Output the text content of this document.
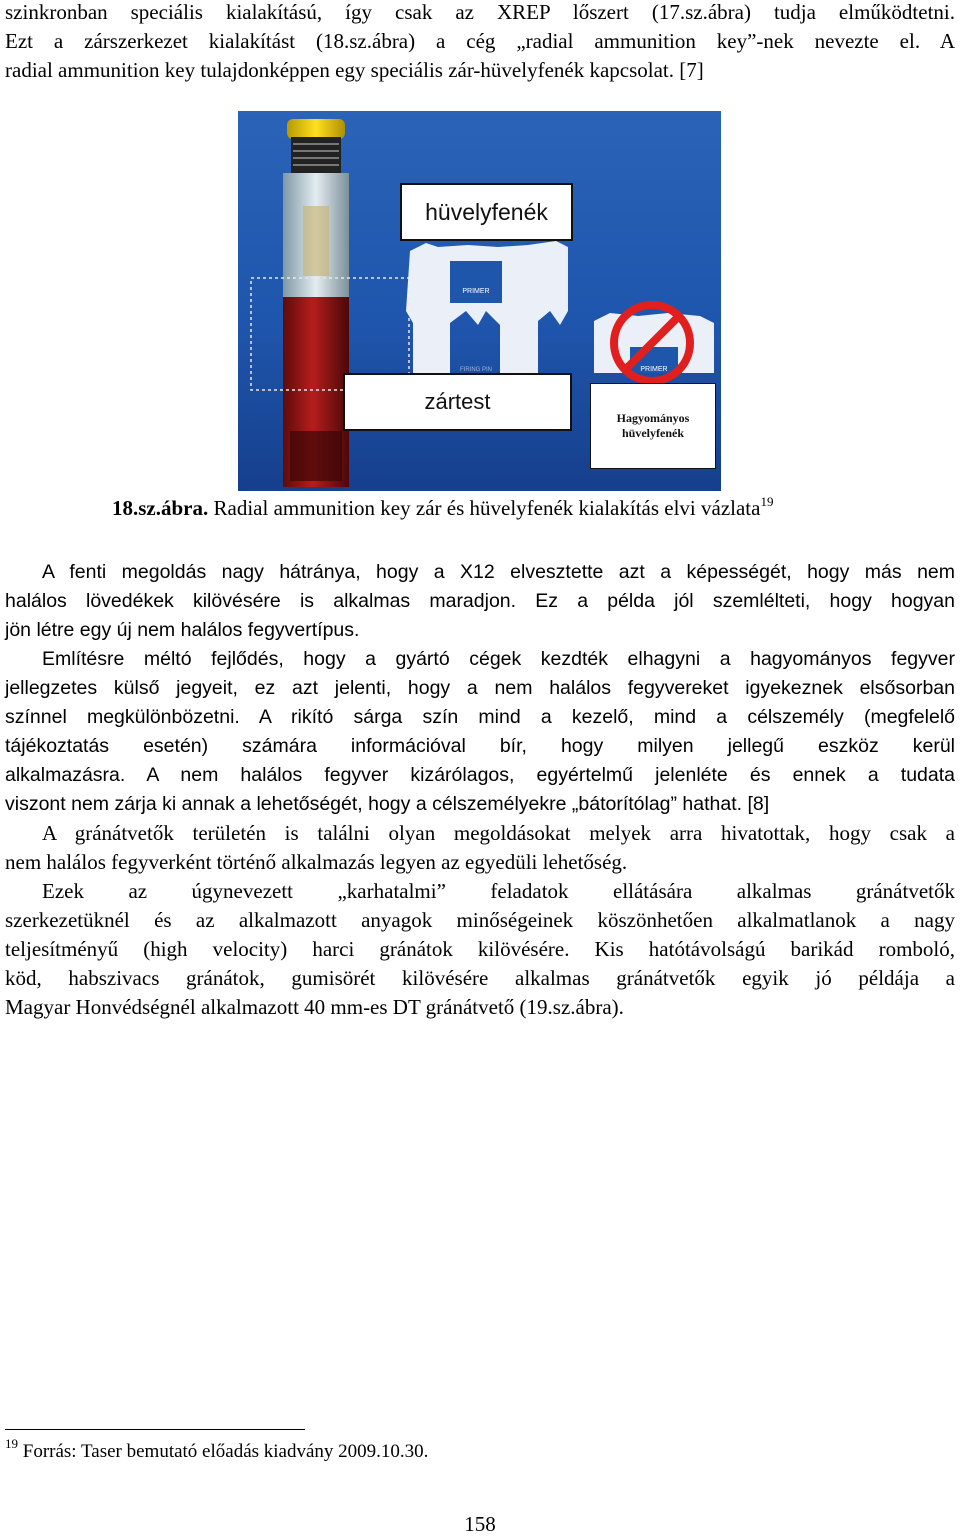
szinkronban speciális kialakítású, így csak az XREP lőszert (17.sz.ábra) tudja elműködtetni.
Ezt a zárszerkezet kialakítást (18.sz.ábra) a cég „radial ammunition key”-nek nevezte el. A
radial ammunition key tulajdonképpen egy speciális zár-hüvelyfenék kapcsolat. [7]
PRIMER
FIRING PIN	PRIMER
hüvelyfenék
zártest
Hagyományos
hüvelyfenék
18.sz.ábra. Radial ammunition key zár és hüvelyfenék kialakítás elvi vázlata$^{19}$
A fenti megoldás nagy hátránya, hogy a X12 elvesztette azt a képességét, hogy más nem
halálos lövedékek kilövésére is alkalmas maradjon. Ez a példa jól szemlélteti, hogy hogyan
jön létre egy új nem halálos fegyvertípus.
Említésre méltó fejlődés, hogy a gyártó cégek kezdték elhagyni a hagyományos fegyver
jellegzetes külső jegyeit, ez azt jelenti, hogy a nem halálos fegyvereket igyekeznek elsősorban
színnel megkülönbözetni. A rikító sárga szín mind a kezelő, mind a célszemély (megfelelő
tájékoztatás esetén) számára információval bír, hogy milyen jellegű eszköz kerül
alkalmazásra. A nem halálos fegyver kizárólagos, egyértelmű jelenléte és ennek a tudata
viszont nem zárja ki annak a lehetőségét, hogy a célszemélyekre „bátorítólag” hathat. [8]
A gránátvetők területén is találni olyan megoldásokat melyek arra hivatottak, hogy csak a
nem halálos fegyverként történő alkalmazás legyen az egyedüli lehetőség.
Ezek az úgynevezett „karhatalmi” feladatok ellátására alkalmas gránátvetők
szerkezetüknél és az alkalmazott anyagok minőségeinek köszönhetően alkalmatlanok a nagy
teljesítményű (high velocity) harci gránátok kilövésére. Kis hatótávolságú barikád romboló,
köd, habszivacs gránátok, gumisörét kilövésére alkalmas gránátvetők egyik jó példája a
Magyar Honvédségnél alkalmazott 40 mm-es DT gránátvető (19.sz.ábra).
$^{19}$ Forrás: Taser bemutató előadás kiadvány 2009.10.30.
158
